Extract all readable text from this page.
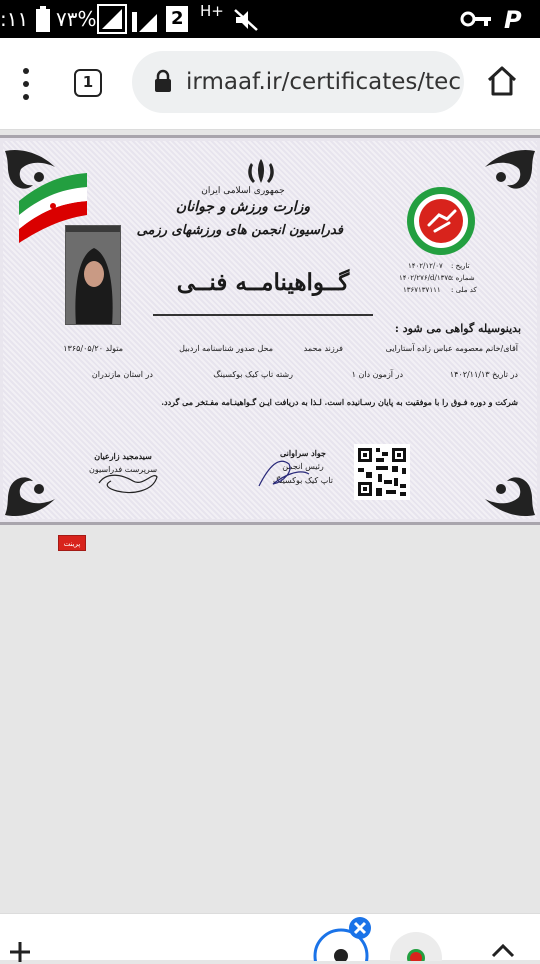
:۱۱ ۷۳%	2 H+	P
1	irmaaf.ir/certificates/tec
جمهوری اسلامی ایران
وزارت ورزش و جوانان
فدراسیون انجمن های ورزشهای رزمی
گــواهینامــه فنــی
تاریخ :
۱۴۰۲/۱۲/۰۷
شماره :
۱۴۰۲/۲۷۶/d/۱۳۷۵
کد ملی :
۱۳۶۷۱۳۷۱۱۱
بدینوسیله گواهی می شود :
آقای/خانم معصومه عباس زاده آستارایی
فرزند محمد
محل صدور شناسنامه اردبیل
متولد ۱۳۶۵/۰۵/۲۰
در تاریخ ۱۴۰۲/۱۱/۱۳
در آزمون دان ۱
رشته تاپ کیک بوکسینگ
در استان مازندران
شرکت و دوره فـوق را با موفقیت به پایان رسـانیده است. لـذا به دریافت ایـن گـواهینـامه مفـتخر می گردد.
سیدمجید زارعیان
سرپرست فدراسیون
جواد سراوانی
رئیس انجمن
تاپ کیک بوکسینگ
پرینت
